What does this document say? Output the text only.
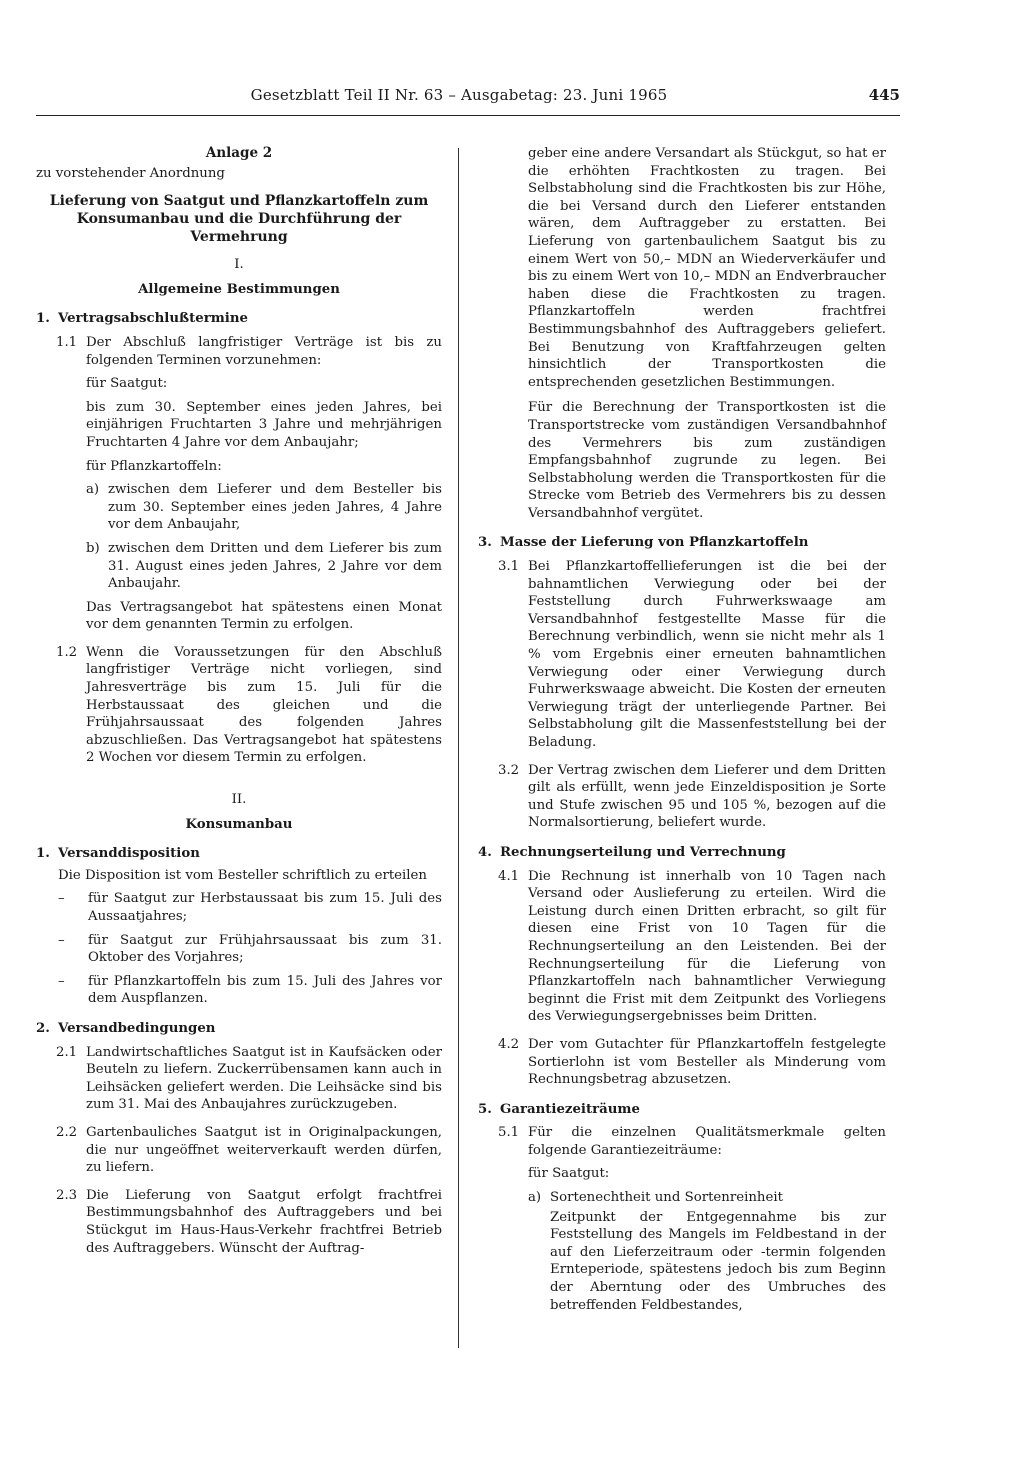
Gesetzblatt Teil II Nr. 63 – Ausgabetag: 23. Juni 1965	445
Anlage 2

zu vorstehender Anordnung

Lieferung von Saatgut und Pflanzkartoffeln zum Konsumanbau und die Durchführung der Vermehrung
I.
Allgemeine Bestimmungen
1. Vertragsabschlußtermine
1.1 Der Abschluß langfristiger Verträge ist bis zu folgenden Terminen vorzunehmen:

für Saatgut:

bis zum 30. September eines jeden Jahres, bei einjährigen Fruchtarten 3 Jahre und mehrjährigen Fruchtarten 4 Jahre vor dem Anbaujahr;

für Pflanzkartoffeln:

a) zwischen dem Lieferer und dem Besteller bis zum 30. September eines jeden Jahres, 4 Jahre vor dem Anbaujahr,

b) zwischen dem Dritten und dem Lieferer bis zum 31. August eines jeden Jahres, 2 Jahre vor dem Anbaujahr.

Das Vertragsangebot hat spätestens einen Monat vor dem genannten Termin zu erfolgen.

1.2 Wenn die Voraussetzungen für den Abschluß langfristiger Verträge nicht vorliegen, sind Jahresverträge bis zum 15. Juli für die Herbstaussaat des gleichen und die Frühjahrsaussaat des folgenden Jahres abzuschließen. Das Vertragsangebot hat spätestens 2 Wochen vor diesem Termin zu erfolgen.

II.
Konsumanbau
1. Versanddisposition

Die Disposition ist vom Besteller schriftlich zu erteilen

–	für Saatgut zur Herbstaussaat bis zum 15. Juli des Aussaatjahres;

–	für Saatgut zur Frühjahrsaussaat bis zum 31. Oktober des Vorjahres;

–	für Pflanzkartoffeln bis zum 15. Juli des Jahres vor dem Auspflanzen.

2. Versandbedingungen
2.1 Landwirtschaftliches Saatgut ist in Kaufsäcken oder Beuteln zu liefern. Zuckerrübensamen kann auch in Leihsäcken geliefert werden. Die Leihsäcke sind bis zum 31. Mai des Anbaujahres zurückzugeben.

2.2 Gartenbauliches Saatgut ist in Originalpackungen, die nur ungeöffnet weiterverkauft werden dürfen, zu liefern.

2.3 Die Lieferung von Saatgut erfolgt frachtfrei Bestimmungsbahnhof des Auftraggebers und bei Stückgut im Haus-Haus-Verkehr frachtfrei Betrieb des Auftraggebers. Wünscht der Auftrag-

geber eine andere Versandart als Stückgut, so hat er die erhöhten Frachtkosten zu tragen. Bei Selbstabholung sind die Frachtkosten bis zur Höhe, die bei Versand durch den Lieferer entstanden wären, dem Auftraggeber zu erstatten. Bei Lieferung von gartenbaulichem Saatgut bis zu einem Wert von 50,– MDN an Wiederverkäufer und bis zu einem Wert von 10,– MDN an Endverbraucher haben diese die Frachtkosten zu tragen. Pflanzkartoffeln werden frachtfrei Bestimmungsbahnhof des Auftraggebers geliefert. Bei Benutzung von Kraftfahrzeugen gelten hinsichtlich der Transportkosten die entsprechenden gesetzlichen Bestimmungen.

Für die Berechnung der Transportkosten ist die Transportstrecke vom zuständigen Versandbahnhof des Vermehrers bis zum zuständigen Empfangsbahnhof zugrunde zu legen. Bei Selbstabholung werden die Transportkosten für die Strecke vom Betrieb des Vermehrers bis zu dessen Versandbahnhof vergütet.

3. Masse der Lieferung von Pflanzkartoffeln
3.1 Bei Pflanzkartoffellieferungen ist die bei der bahnamtlichen Verwiegung oder bei der Feststellung durch Fuhrwerkswaage am Versandbahnhof festgestellte Masse für die Berechnung verbindlich, wenn sie nicht mehr als 1 % vom Ergebnis einer erneuten bahnamtlichen Verwiegung oder einer Verwiegung durch Fuhrwerkswaage abweicht. Die Kosten der erneuten Verwiegung trägt der unterliegende Partner. Bei Selbstabholung gilt die Massenfeststellung bei der Beladung.

3.2 Der Vertrag zwischen dem Lieferer und dem Dritten gilt als erfüllt, wenn jede Einzeldisposition je Sorte und Stufe zwischen 95 und 105 %, bezogen auf die Normalsortierung, beliefert wurde.

4. Rechnungserteilung und Verrechnung
4.1 Die Rechnung ist innerhalb von 10 Tagen nach Versand oder Auslieferung zu erteilen. Wird die Leistung durch einen Dritten erbracht, so gilt für diesen eine Frist von 10 Tagen für die Rechnungserteilung an den Leistenden. Bei der Rechnungserteilung für die Lieferung von Pflanzkartoffeln nach bahnamtlicher Verwiegung beginnt die Frist mit dem Zeitpunkt des Vorliegens des Verwiegungsergebnisses beim Dritten.

4.2 Der vom Gutachter für Pflanzkartoffeln festgelegte Sortierlohn ist vom Besteller als Minderung vom Rechnungsbetrag abzusetzen.

5. Garantiezeiträume
5.1 Für die einzelnen Qualitätsmerkmale gelten folgende Garantiezeiträume:

für Saatgut:

a) Sortenechtheit und Sortenreinheit

Zeitpunkt der Entgegennahme bis zur Feststellung des Mangels im Feldbestand in der auf den Lieferzeitraum oder -termin folgenden Ernteperiode, spätestens jedoch bis zum Beginn der Aberntung oder des Umbruches des betreffenden Feldbestandes,
